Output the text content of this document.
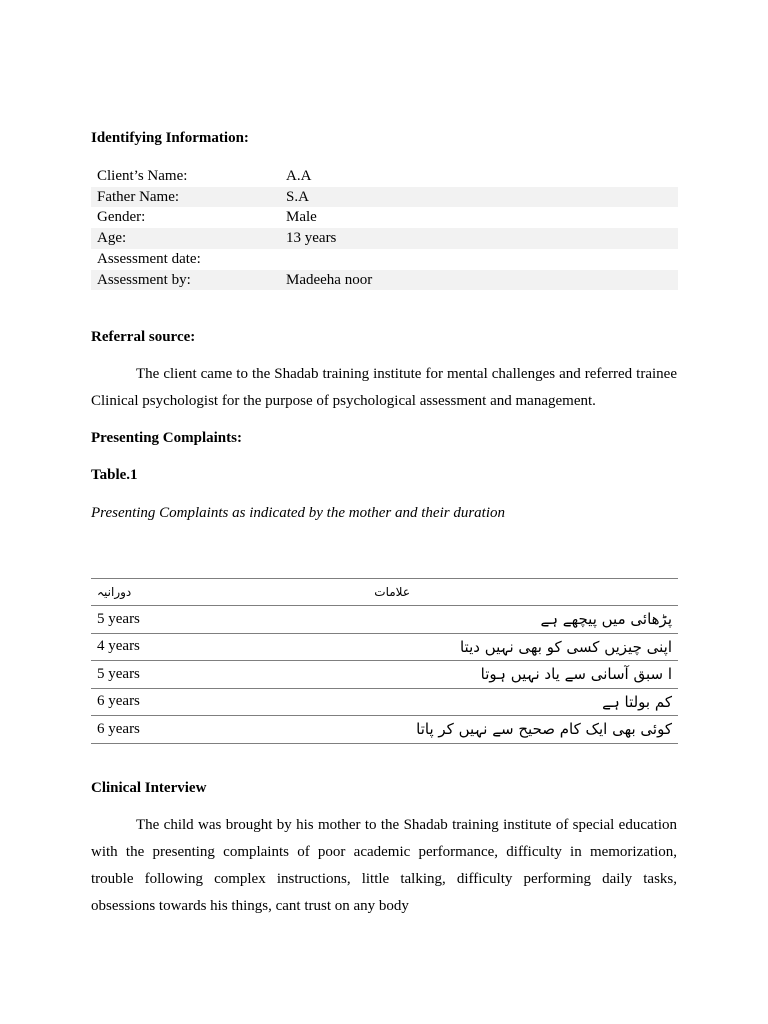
Identifying Information:

Client’s Name:	A.A
Father Name:	S.A
Gender:	Male
Age:	13 years
Assessment date:	
Assessment by:	Madeeha noor

Referral source:

The client came to the Shadab training institute for mental challenges and referred trainee Clinical psychologist for the purpose of psychological assessment and management.

Presenting Complaints:

Table.1

Presenting Complaints as indicated by the mother and their duration
دورانیہ	علامات
5 years	پڑھائی میں پیچھے ہے
4 years	اپنی چیزیں کسی کو بھی نہیں دیتا
5 years	ا سبق آسانی سے یاد نہیں ہوتا
6 years	کم بولتا ہے
6 years	کوئی بھی ایک کام صحیح سے نہیں کر پاتا

Clinical Interview

The child was brought by his mother to the Shadab training institute of special education with the presenting complaints of poor academic performance, difficulty in memorization, trouble following complex instructions, little talking, difficulty performing daily tasks, obsessions towards his things, cant trust on any body
